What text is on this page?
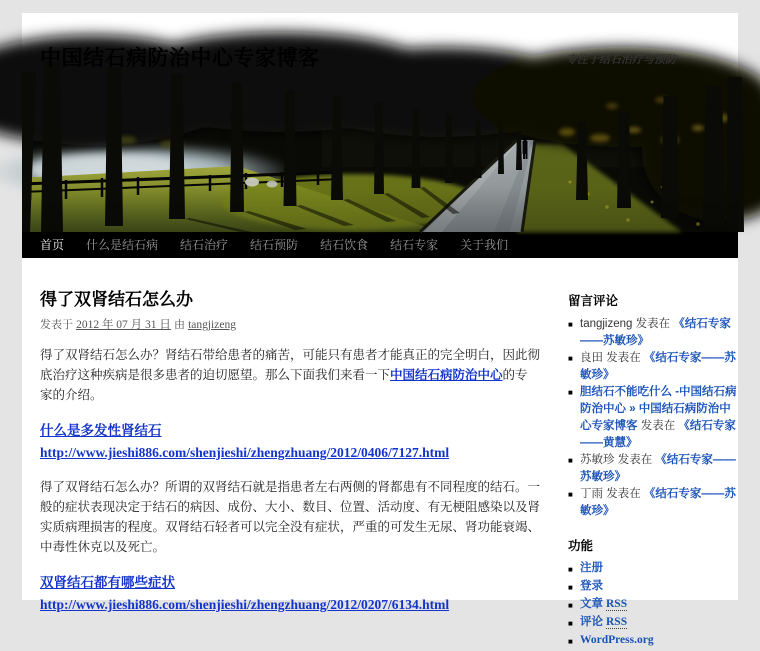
中国结石病防治中心专家博客	专注于结石治疗与预防
首页	什么是结石病	结石治疗	结石预防	结石饮食	结石专家	关于我们
得了双肾结石怎么办
发表于 2012 年 07 月 31 日 由 tangjizeng

得了双肾结石怎么办？肾结石带给患者的痛苦，可能只有患者才能真正的完全明白，因此彻底治疗这种疾病是很多患者的迫切愿望。那么下面我们来看一下中国结石病防治中心的专家的介绍。

什么是多发性肾结石http://www.jieshi886.com/shenjieshi/zhengzhuang/2012/0406/7127.html

得了双肾结石怎么办？所谓的双肾结石就是指患者左右两侧的肾都患有不同程度的结石。一般的症状表现决定于结石的病因、成份、大小、数目、位置、活动度、有无梗阻感染以及肾实质病理损害的程度。双肾结石轻者可以完全没有症状，严重的可发生无尿、肾功能衰竭、中毒性休克以及死亡。

双肾结石都有哪些症状http://www.jieshi886.com/shenjieshi/zhengzhuang/2012/0207/6134.html

留言评论
■ tangjizeng 发表在 《结石专家——苏敏珍》
■ 良田 发表在 《结石专家——苏敏珍》
■ 胆结石不能吃什么 -中国结石病防治中心 » 中国结石病防治中心专家博客 发表在 《结石专家——黄慧》
■ 苏敏珍 发表在 《结石专家——苏敏珍》
■ 丁雨 发表在 《结石专家——苏敏珍》
功能
■ 注册
■ 登录
■ 文章 RSS
■ 评论 RSS
■ WordPress.org
